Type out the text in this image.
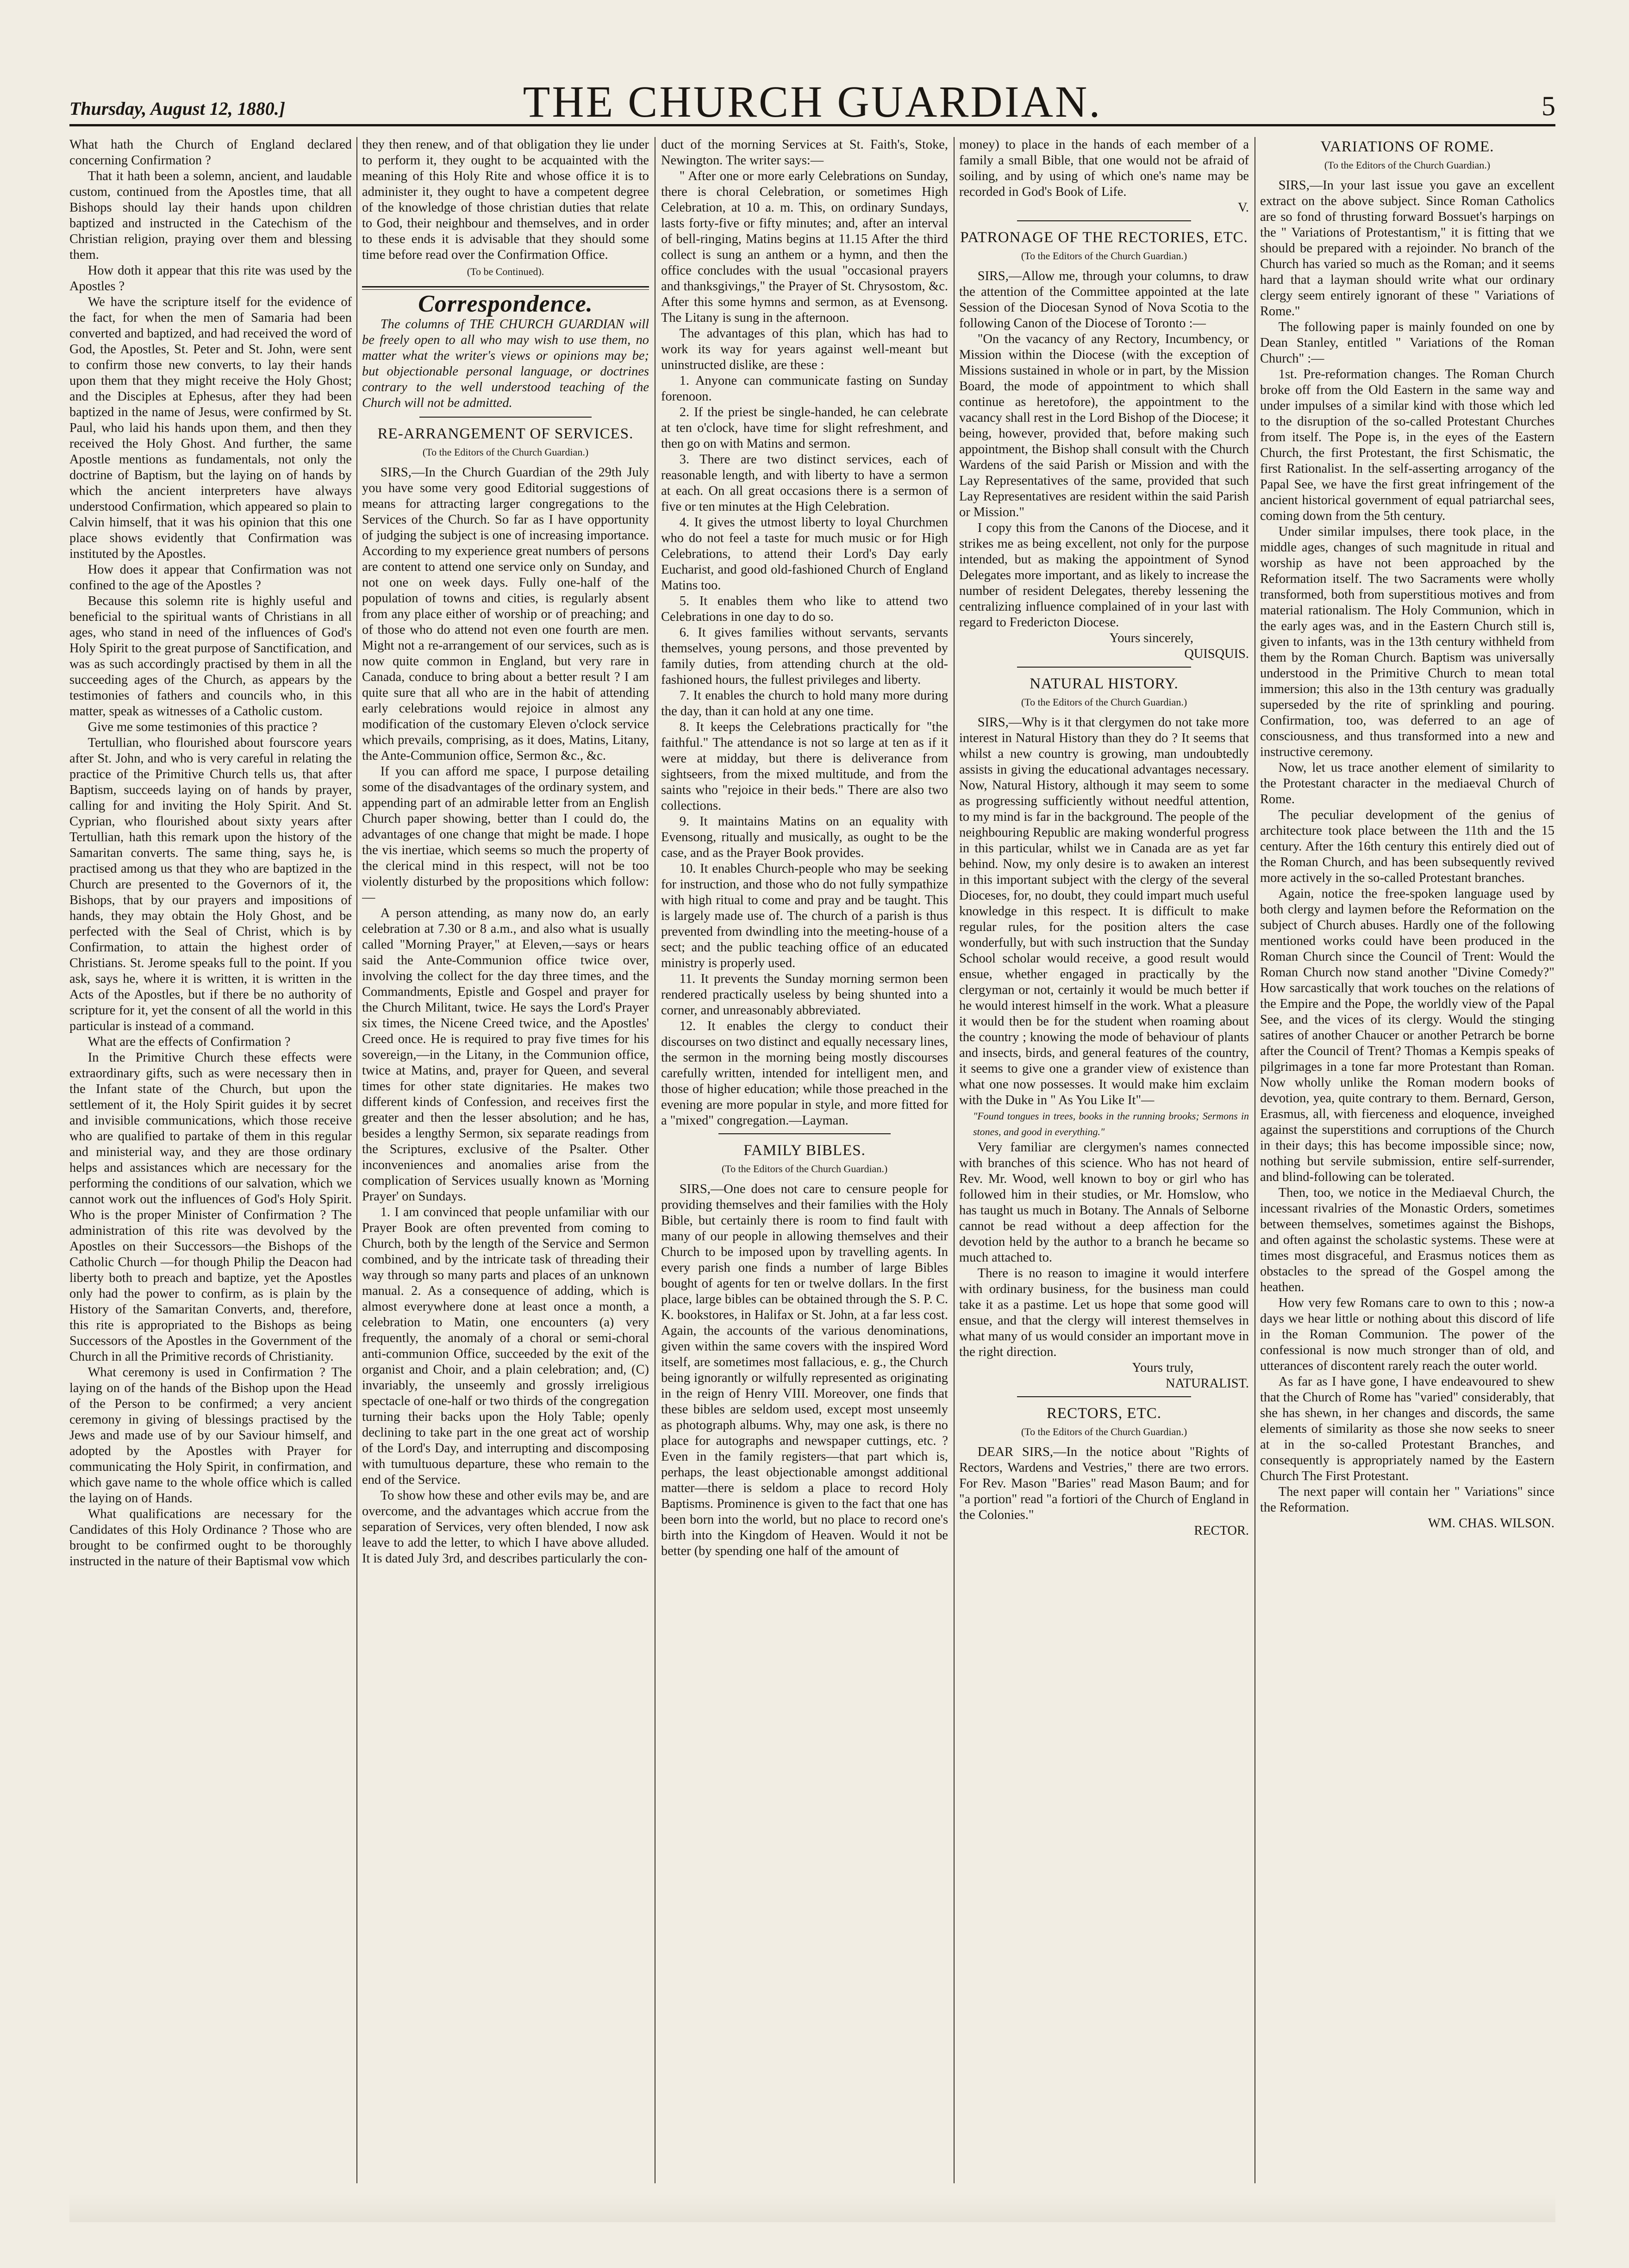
Thursday, August 12, 1880.]	THE CHURCH GUARDIAN.	5

What hath the Church of England declared concerning Confirmation ?

That it hath been a solemn, ancient, and laudable custom, continued from the Apostles time, that all Bishops should lay their hands upon children baptized and instructed in the Catechism of the Christian religion, praying over them and blessing them.

How doth it appear that this rite was used by the Apostles ?

We have the scripture itself for the evidence of the fact, for when the men of Samaria had been converted and baptized, and had received the word of God, the Apostles, St. Peter and St. John, were sent to confirm those new converts, to lay their hands upon them that they might receive the Holy Ghost; and the Disciples at Ephesus, after they had been baptized in the name of Jesus, were confirmed by St. Paul, who laid his hands upon them, and then they received the Holy Ghost. And further, the same Apostle mentions as fundamentals, not only the doctrine of Baptism, but the laying on of hands by which the ancient interpreters have always understood Confirmation, which appeared so plain to Calvin himself, that it was his opinion that this one place shows evidently that Confirmation was instituted by the Apostles.

How does it appear that Confirmation was not confined to the age of the Apostles ?

Because this solemn rite is highly useful and beneficial to the spiritual wants of Christians in all ages, who stand in need of the influences of God's Holy Spirit to the great purpose of Sanctification, and was as such accordingly practised by them in all the succeeding ages of the Church, as appears by the testimonies of fathers and councils who, in this matter, speak as witnesses of a Catholic custom.

Give me some testimonies of this practice ?

Tertullian, who flourished about fourscore years after St. John, and who is very careful in relating the practice of the Primitive Church tells us, that after Baptism, succeeds laying on of hands by prayer, calling for and inviting the Holy Spirit. And St. Cyprian, who flourished about sixty years after Tertullian, hath this remark upon the history of the Samaritan converts. The same thing, says he, is practised among us that they who are baptized in the Church are presented to the Governors of it, the Bishops, that by our prayers and impositions of hands, they may obtain the Holy Ghost, and be perfected with the Seal of Christ, which is by Confirmation, to attain the highest order of Christians. St. Jerome speaks full to the point. If you ask, says he, where it is written, it is written in the Acts of the Apostles, but if there be no authority of scripture for it, yet the consent of all the world in this particular is instead of a command.

What are the effects of Confirmation ?

In the Primitive Church these effects were extraordinary gifts, such as were necessary then in the Infant state of the Church, but upon the settlement of it, the Holy Spirit guides it by secret and invisible communications, which those receive who are qualified to partake of them in this regular and ministerial way, and they are those ordinary helps and assistances which are necessary for the performing the conditions of our salvation, which we cannot work out the influences of God's Holy Spirit. Who is the proper Minister of Confirmation ? The administration of this rite was devolved by the Apostles on their Successors—the Bishops of the Catholic Church —for though Philip the Deacon had liberty both to preach and baptize, yet the Apostles only had the power to confirm, as is plain by the History of the Samaritan Converts, and, therefore, this rite is appropriated to the Bishops as being Successors of the Apostles in the Government of the Church in all the Primitive records of Christianity.

What ceremony is used in Confirmation ? The laying on of the hands of the Bishop upon the Head of the Person to be confirmed; a very ancient ceremony in giving of blessings practised by the Jews and made use of by our Saviour himself, and adopted by the Apostles with Prayer for communicating the Holy Spirit, in confirmation, and which gave name to the whole office which is called the laying on of Hands.

What qualifications are necessary for the Candidates of this Holy Ordinance ? Those who are brought to be confirmed ought to be thoroughly instructed in the nature of their Baptismal vow which

they then renew, and of that obligation they lie under to perform it, they ought to be acquainted with the meaning of this Holy Rite and whose office it is to administer it, they ought to have a competent degree of the knowledge of those christian duties that relate to God, their neighbour and themselves, and in order to these ends it is advisable that they should some time before read over the Confirmation Office.

(To be Continued).
Correspondence.

The columns of THE CHURCH GUARDIAN will be freely open to all who may wish to use them, no matter what the writer's views or opinions may be; but objectionable personal language, or doctrines contrary to the well understood teaching of the Church will not be admitted.

RE-ARRANGEMENT OF SERVICES.
(To the Editors of the Church Guardian.)

SIRS,—In the Church Guardian of the 29th July you have some very good Editorial suggestions of means for attracting larger congregations to the Services of the Church. So far as I have opportunity of judging the subject is one of increasing importance. According to my experience great numbers of persons are content to attend one service only on Sunday, and not one on week days. Fully one-half of the population of towns and cities, is regularly absent from any place either of worship or of preaching; and of those who do attend not even one fourth are men. Might not a re-arrangement of our services, such as is now quite common in England, but very rare in Canada, conduce to bring about a better result ? I am quite sure that all who are in the habit of attending early celebrations would rejoice in almost any modification of the customary Eleven o'clock service which prevails, comprising, as it does, Matins, Litany, the Ante-Communion office, Sermon &c., &c.

If you can afford me space, I purpose detailing some of the disadvantages of the ordinary system, and appending part of an admirable letter from an English Church paper showing, better than I could do, the advantages of one change that might be made. I hope the vis inertiae, which seems so much the property of the clerical mind in this respect, will not be too violently disturbed by the propositions which follow:—

A person attending, as many now do, an early celebration at 7.30 or 8 a.m., and also what is usually called "Morning Prayer," at Eleven,—says or hears said the Ante-Communion office twice over, involving the collect for the day three times, and the Commandments, Epistle and Gospel and prayer for the Church Militant, twice. He says the Lord's Prayer six times, the Nicene Creed twice, and the Apostles' Creed once. He is required to pray five times for his sovereign,—in the Litany, in the Communion office, twice at Matins, and, prayer for Queen, and several times for other state dignitaries. He makes two different kinds of Confession, and receives first the greater and then the lesser absolution; and he has, besides a lengthy Sermon, six separate readings from the Scriptures, exclusive of the Psalter. Other inconveniences and anomalies arise from the complication of Services usually known as 'Morning Prayer' on Sundays.

1. I am convinced that people unfamiliar with our Prayer Book are often prevented from coming to Church, both by the length of the Service and Sermon combined, and by the intricate task of threading their way through so many parts and places of an unknown manual. 2. As a consequence of adding, which is almost everywhere done at least once a month, a celebration to Matin, one encounters (a) very frequently, the anomaly of a choral or semi-choral anti-communion Office, succeeded by the exit of the organist and Choir, and a plain celebration; and, (C) invariably, the unseemly and grossly irreligious spectacle of one-half or two thirds of the congregation turning their backs upon the Holy Table; openly declining to take part in the one great act of worship of the Lord's Day, and interrupting and discomposing with tumultuous departure, these who remain to the end of the Service.

To show how these and other evils may be, and are overcome, and the advantages which accrue from the separation of Services, very often blended, I now ask leave to add the letter, to which I have above alluded. It is dated July 3rd, and describes particularly the con-

duct of the morning Services at St. Faith's, Stoke, Newington. The writer says:—

" After one or more early Celebrations on Sunday, there is choral Celebration, or sometimes High Celebration, at 10 a. m. This, on ordinary Sundays, lasts forty-five or fifty minutes; and, after an interval of bell-ringing, Matins begins at 11.15 After the third collect is sung an anthem or a hymn, and then the office concludes with the usual "occasional prayers and thanksgivings," the Prayer of St. Chrysostom, &c. After this some hymns and sermon, as at Evensong. The Litany is sung in the afternoon.

The advantages of this plan, which has had to work its way for years against well-meant but uninstructed dislike, are these :

1. Anyone can communicate fasting on Sunday forenoon.

2. If the priest be single-handed, he can celebrate at ten o'clock, have time for slight refreshment, and then go on with Matins and sermon.

3. There are two distinct services, each of reasonable length, and with liberty to have a sermon at each. On all great occasions there is a sermon of five or ten minutes at the High Celebration.

4. It gives the utmost liberty to loyal Churchmen who do not feel a taste for much music or for High Celebrations, to attend their Lord's Day early Eucharist, and good old-fashioned Church of England Matins too.

5. It enables them who like to attend two Celebrations in one day to do so.

6. It gives families without servants, servants themselves, young persons, and those prevented by family duties, from attending church at the old-fashioned hours, the fullest privileges and liberty.

7. It enables the church to hold many more during the day, than it can hold at any one time.

8. It keeps the Celebrations practically for "the faithful." The attendance is not so large at ten as if it were at midday, but there is deliverance from sightseers, from the mixed multitude, and from the saints who "rejoice in their beds." There are also two collections.

9. It maintains Matins on an equality with Evensong, ritually and musically, as ought to be the case, and as the Prayer Book provides.

10. It enables Church-people who may be seeking for instruction, and those who do not fully sympathize with high ritual to come and pray and be taught. This is largely made use of. The church of a parish is thus prevented from dwindling into the meeting-house of a sect; and the public teaching office of an educated ministry is properly used.

11. It prevents the Sunday morning sermon been rendered practically useless by being shunted into a corner, and unreasonably abbreviated.

12. It enables the clergy to conduct their discourses on two distinct and equally necessary lines, the sermon in the morning being mostly discourses carefully written, intended for intelligent men, and those of higher education; while those preached in the evening are more popular in style, and more fitted for a "mixed" congregation.—Layman.

FAMILY BIBLES.
(To the Editors of the Church Guardian.)

SIRS,—One does not care to censure people for providing themselves and their families with the Holy Bible, but certainly there is room to find fault with many of our people in allowing themselves and their Church to be imposed upon by travelling agents. In every parish one finds a number of large Bibles bought of agents for ten or twelve dollars. In the first place, large bibles can be obtained through the S. P. C. K. bookstores, in Halifax or St. John, at a far less cost. Again, the accounts of the various denominations, given within the same covers with the inspired Word itself, are sometimes most fallacious, e. g., the Church being ignorantly or wilfully represented as originating in the reign of Henry VIII. Moreover, one finds that these bibles are seldom used, except most unseemly as photograph albums. Why, may one ask, is there no place for autographs and newspaper cuttings, etc. ? Even in the family registers—that part which is, perhaps, the least objectionable amongst additional matter—there is seldom a place to record Holy Baptisms. Prominence is given to the fact that one has been born into the world, but no place to record one's birth into the Kingdom of Heaven. Would it not be better (by spending one half of the amount of

money) to place in the hands of each member of a family a small Bible, that one would not be afraid of soiling, and by using of which one's name may be recorded in God's Book of Life.

V.

PATRONAGE OF THE RECTORIES, ETC.
(To the Editors of the Church Guardian.)

SIRS,—Allow me, through your columns, to draw the attention of the Committee appointed at the late Session of the Diocesan Synod of Nova Scotia to the following Canon of the Diocese of Toronto :—

"On the vacancy of any Rectory, Incumbency, or Mission within the Diocese (with the exception of Missions sustained in whole or in part, by the Mission Board, the mode of appointment to which shall continue as heretofore), the appointment to the vacancy shall rest in the Lord Bishop of the Diocese; it being, however, provided that, before making such appointment, the Bishop shall consult with the Church Wardens of the said Parish or Mission and with the Lay Representatives of the same, provided that such Lay Representatives are resident within the said Parish or Mission."

I copy this from the Canons of the Diocese, and it strikes me as being excellent, not only for the purpose intended, but as making the appointment of Synod Delegates more important, and as likely to increase the number of resident Delegates, thereby lessening the centralizing influence complained of in your last with regard to Fredericton Diocese.

Yours sincerely,

QUISQUIS.

NATURAL HISTORY.
(To the Editors of the Church Guardian.)

SIRS,—Why is it that clergymen do not take more interest in Natural History than they do ? It seems that whilst a new country is growing, man undoubtedly assists in giving the educational advantages necessary. Now, Natural History, although it may seem to some as progressing sufficiently without needful attention, to my mind is far in the background. The people of the neighbouring Republic are making wonderful progress in this particular, whilst we in Canada are as yet far behind. Now, my only desire is to awaken an interest in this important subject with the clergy of the several Dioceses, for, no doubt, they could impart much useful knowledge in this respect. It is difficult to make regular rules, for the position alters the case wonderfully, but with such instruction that the Sunday School scholar would receive, a good result would ensue, whether engaged in practically by the clergyman or not, certainly it would be much better if he would interest himself in the work. What a pleasure it would then be for the student when roaming about the country ; knowing the mode of behaviour of plants and insects, birds, and general features of the country, it seems to give one a grander view of existence than what one now possesses. It would make him exclaim with the Duke in " As You Like It"—

"Found tongues in trees, books in the running brooks; Sermons in stones, and good in everything."

Very familiar are clergymen's names connected with branches of this science. Who has not heard of Rev. Mr. Wood, well known to boy or girl who has followed him in their studies, or Mr. Homslow, who has taught us much in Botany. The Annals of Selborne cannot be read without a deep affection for the devotion held by the author to a branch he became so much attached to.

There is no reason to imagine it would interfere with ordinary business, for the business man could take it as a pastime. Let us hope that some good will ensue, and that the clergy will interest themselves in what many of us would consider an important move in the right direction.

Yours truly,

NATURALIST.

RECTORS, ETC.
(To the Editors of the Church Guardian.)

DEAR SIRS,—In the notice about "Rights of Rectors, Wardens and Vestries," there are two errors. For Rev. Mason "Baries" read Mason Baum; and for "a portion" read "a fortiori of the Church of England in the Colonies."

RECTOR.

VARIATIONS OF ROME.
(To the Editors of the Church Guardian.)

SIRS,—In your last issue you gave an excellent extract on the above subject. Since Roman Catholics are so fond of thrusting forward Bossuet's harpings on the " Variations of Protestantism," it is fitting that we should be prepared with a rejoinder. No branch of the Church has varied so much as the Roman; and it seems hard that a layman should write what our ordinary clergy seem entirely ignorant of these " Variations of Rome."

The following paper is mainly founded on one by Dean Stanley, entitled " Variations of the Roman Church" :—

1st. Pre-reformation changes. The Roman Church broke off from the Old Eastern in the same way and under impulses of a similar kind with those which led to the disruption of the so-called Protestant Churches from itself. The Pope is, in the eyes of the Eastern Church, the first Protestant, the first Schismatic, the first Rationalist. In the self-asserting arrogancy of the Papal See, we have the first great infringement of the ancient historical government of equal patriarchal sees, coming down from the 5th century.

Under similar impulses, there took place, in the middle ages, changes of such magnitude in ritual and worship as have not been approached by the Reformation itself. The two Sacraments were wholly transformed, both from superstitious motives and from material rationalism. The Holy Communion, which in the early ages was, and in the Eastern Church still is, given to infants, was in the 13th century withheld from them by the Roman Church. Baptism was universally understood in the Primitive Church to mean total immersion; this also in the 13th century was gradually superseded by the rite of sprinkling and pouring. Confirmation, too, was deferred to an age of consciousness, and thus transformed into a new and instructive ceremony.

Now, let us trace another element of similarity to the Protestant character in the mediaeval Church of Rome.

The peculiar development of the genius of architecture took place between the 11th and the 15 century. After the 16th century this entirely died out of the Roman Church, and has been subsequently revived more actively in the so-called Protestant branches.

Again, notice the free-spoken language used by both clergy and laymen before the Reformation on the subject of Church abuses. Hardly one of the following mentioned works could have been produced in the Roman Church since the Council of Trent: Would the Roman Church now stand another "Divine Comedy?" How sarcastically that work touches on the relations of the Empire and the Pope, the worldly view of the Papal See, and the vices of its clergy. Would the stinging satires of another Chaucer or another Petrarch be borne after the Council of Trent? Thomas a Kempis speaks of pilgrimages in a tone far more Protestant than Roman. Now wholly unlike the Roman modern books of devotion, yea, quite contrary to them. Bernard, Gerson, Erasmus, all, with fierceness and eloquence, inveighed against the superstitions and corruptions of the Church in their days; this has become impossible since; now, nothing but servile submission, entire self-surrender, and blind-following can be tolerated.

Then, too, we notice in the Mediaeval Church, the incessant rivalries of the Monastic Orders, sometimes between themselves, sometimes against the Bishops, and often against the scholastic systems. These were at times most disgraceful, and Erasmus notices them as obstacles to the spread of the Gospel among the heathen.

How very few Romans care to own to this ; now-a days we hear little or nothing about this discord of life in the Roman Communion. The power of the confessional is now much stronger than of old, and utterances of discontent rarely reach the outer world.

As far as I have gone, I have endeavoured to shew that the Church of Rome has "varied" considerably, that she has shewn, in her changes and discords, the same elements of similarity as those she now seeks to sneer at in the so-called Protestant Branches, and consequently is appropriately named by the Eastern Church The First Protestant.

The next paper will contain her " Variations" since the Reformation.

WM. CHAS. WILSON.
